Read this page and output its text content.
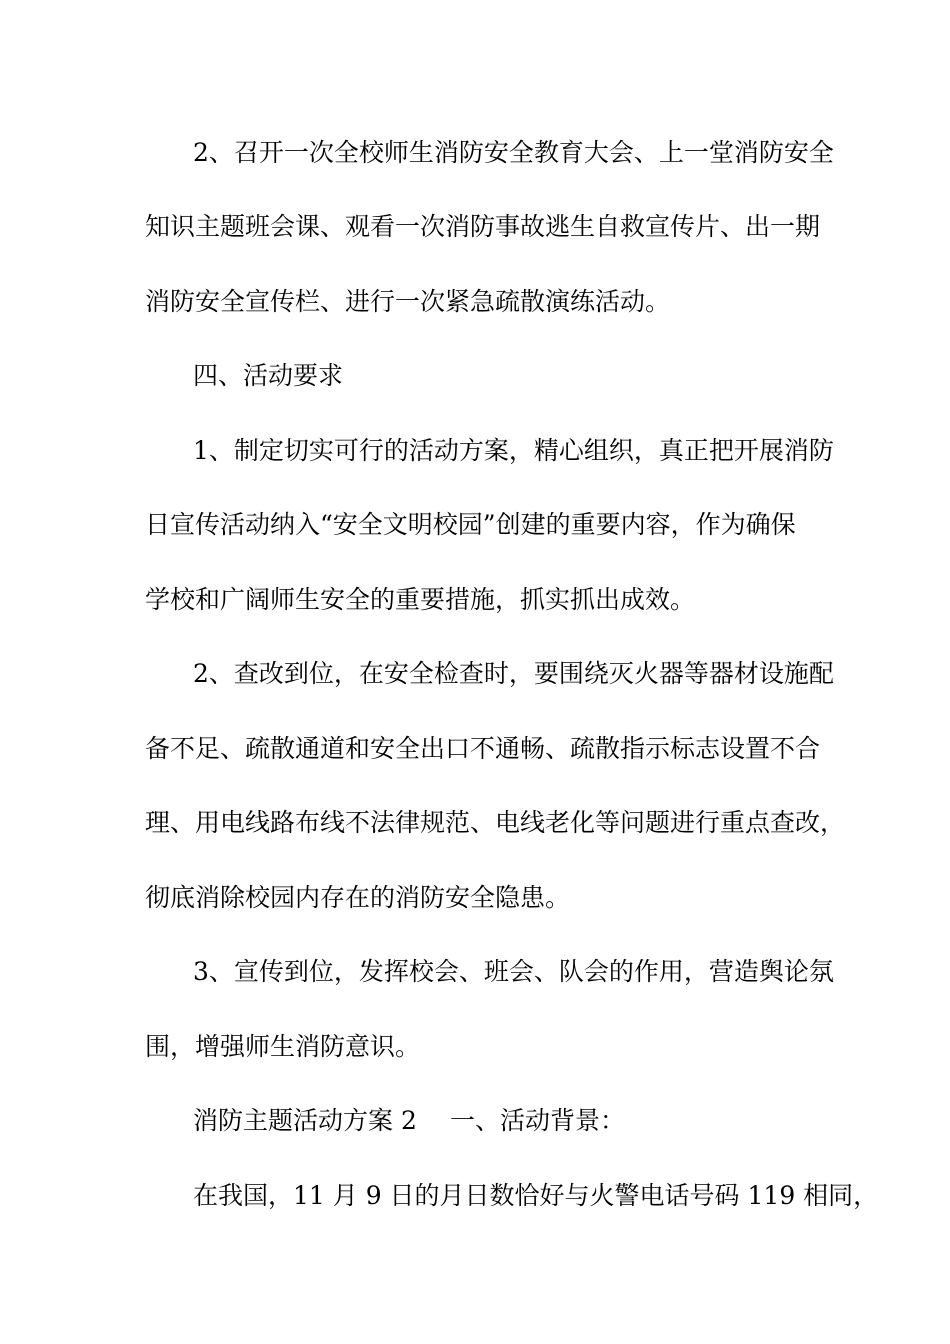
2、召开一次全校师生消防安全教育大会、上一堂消防安全
知识主题班会课、观看一次消防事故逃生自救宣传片、出一期
消防安全宣传栏、进行一次紧急疏散演练活动。
四、活动要求
1、制定切实可行的活动方案，精心组织，真正把开展消防
日宣传活动纳入“安全文明校园”创建的重要内容，作为确保
学校和广阔师生安全的重要措施，抓实抓出成效。
2、查改到位，在安全检查时，要围绕灭火器等器材设施配
备不足、疏散通道和安全出口不通畅、疏散指示标志设置不合
理、用电线路布线不法律规范、电线老化等问题进行重点查改，
彻底消除校园内存在的消防安全隐患。
3、宣传到位，发挥校会、班会、队会的作用，营造舆论氛
围，增强师生消防意识。
消防主题活动方案 2 一、活动背景：
在我国，11 月 9 日的月日数恰好与火警电话号码 119 相同，
